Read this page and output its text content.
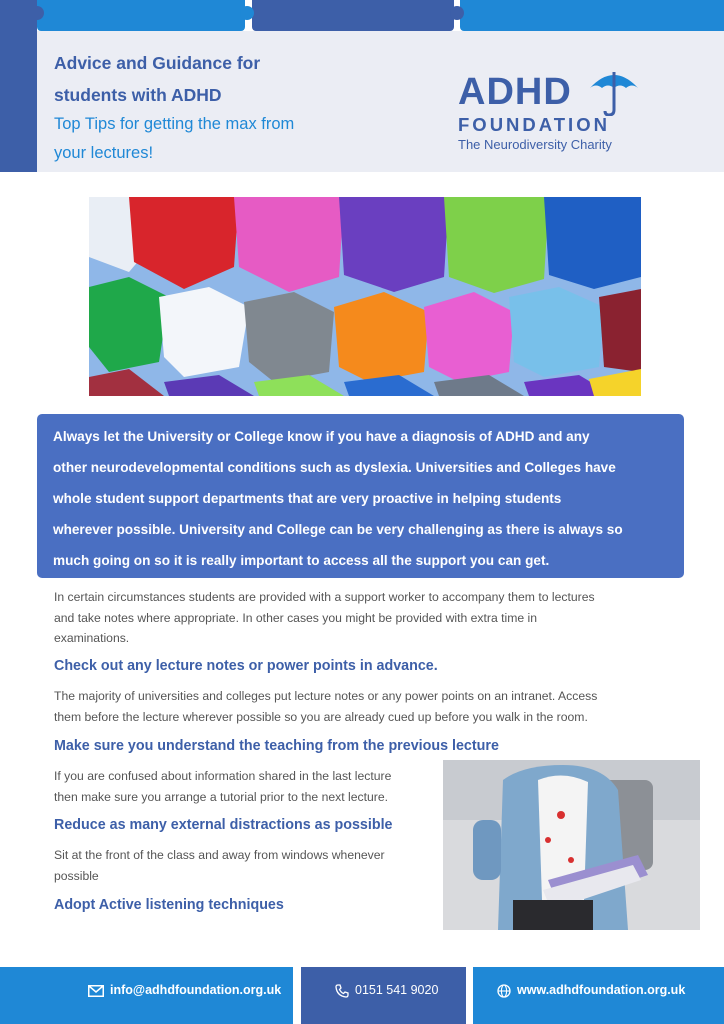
Advice and Guidance for
students with ADHD
Top Tips for getting the max from
your lectures!
ADHD
FOUNDATION
The Neurodiversity Charity
Always let the University or College know if you have a diagnosis of ADHD and any
other neurodevelopmental conditions such as dyslexia. Universities and Colleges have
whole student support departments that are very proactive in helping students
wherever possible. University and College can be very challenging as there is always so
much going on so it is really important to access all the support you can get.
In certain circumstances students are provided with a support worker to accompany them to lectures
and take notes where appropriate. In other cases you might be provided with extra time in
examinations.
Check out any lecture notes or power points in advance.
The majority of universities and colleges put lecture notes or any power points on an intranet. Access
them before the lecture wherever possible so you are already cued up before you walk in the room.
Make sure you understand the teaching from the previous lecture
If you are confused about information shared in the last lecture
then make sure you arrange a tutorial prior to the next lecture.
Reduce as many external distractions as possible
Sit at the front of the class and away from windows whenever
possible
Adopt Active listening techniques
info@adhdfoundation.org.uk	0151 541 9020	www.adhdfoundation.org.uk
